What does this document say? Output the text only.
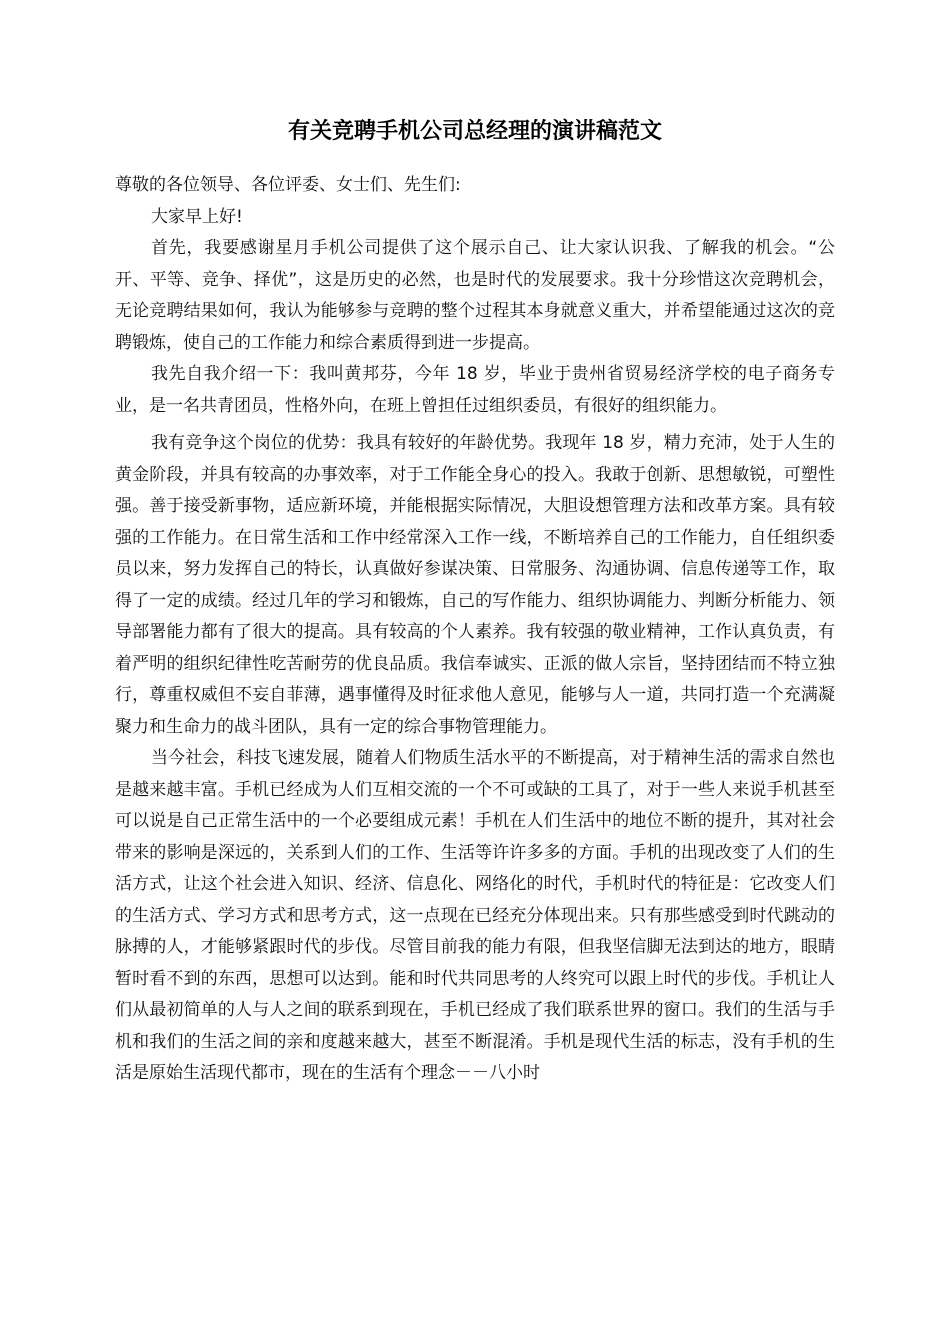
有关竞聘手机公司总经理的演讲稿范文

尊敬的各位领导、各位评委、女士们、先生们:

大家早上好!

首先，我要感谢星月手机公司提供了这个展示自己、让大家认识我、了解我的机会。“公开、平等、竞争、择优”，这是历史的必然，也是时代的发展要求。我十分珍惜这次竞聘机会，无论竞聘结果如何，我认为能够参与竞聘的整个过程其本身就意义重大，并希望能通过这次的竞聘锻炼，使自己的工作能力和综合素质得到进一步提高。

我先自我介绍一下：我叫黄邦芬，今年 18 岁，毕业于贵州省贸易经济学校的电子商务专业，是一名共青团员，性格外向，在班上曾担任过组织委员，有很好的组织能力。

我有竞争这个岗位的优势：我具有较好的年龄优势。我现年 18 岁，精力充沛，处于人生的黄金阶段，并具有较高的办事效率，对于工作能全身心的投入。我敢于创新、思想敏锐，可塑性强。善于接受新事物，适应新环境，并能根据实际情况，大胆设想管理方法和改革方案。具有较强的工作能力。在日常生活和工作中经常深入工作一线，不断培养自己的工作能力，自任组织委员以来，努力发挥自己的特长，认真做好参谋决策、日常服务、沟通协调、信息传递等工作，取得了一定的成绩。经过几年的学习和锻炼，自己的写作能力、组织协调能力、判断分析能力、领导部署能力都有了很大的提高。具有较高的个人素养。我有较强的敬业精神，工作认真负责，有着严明的组织纪律性吃苦耐劳的优良品质。我信奉诚实、正派的做人宗旨，坚持团结而不特立独行，尊重权威但不妄自菲薄，遇事懂得及时征求他人意见，能够与人一道，共同打造一个充满凝聚力和生命力的战斗团队，具有一定的综合事物管理能力。

当今社会，科技飞速发展，随着人们物质生活水平的不断提高，对于精神生活的需求自然也是越来越丰富。手机已经成为人们互相交流的一个不可或缺的工具了，对于一些人来说手机甚至可以说是自己正常生活中的一个必要组成元素！手机在人们生活中的地位不断的提升，其对社会带来的影响是深远的，关系到人们的工作、生活等许许多多的方面。手机的出现改变了人们的生活方式，让这个社会进入知识、经济、信息化、网络化的时代，手机时代的特征是：它改变人们的生活方式、学习方式和思考方式，这一点现在已经充分体现出来。只有那些感受到时代跳动的脉搏的人，才能够紧跟时代的步伐。尽管目前我的能力有限，但我坚信脚无法到达的地方，眼睛暂时看不到的东西，思想可以达到。能和时代共同思考的人终究可以跟上时代的步伐。手机让人们从最初简单的人与人之间的联系到现在，手机已经成了我们联系世界的窗口。我们的生活与手机和我们的生活之间的亲和度越来越大，甚至不断混淆。手机是现代生活的标志，没有手机的生活是原始生活现代都市，现在的生活有个理念－－八小时
